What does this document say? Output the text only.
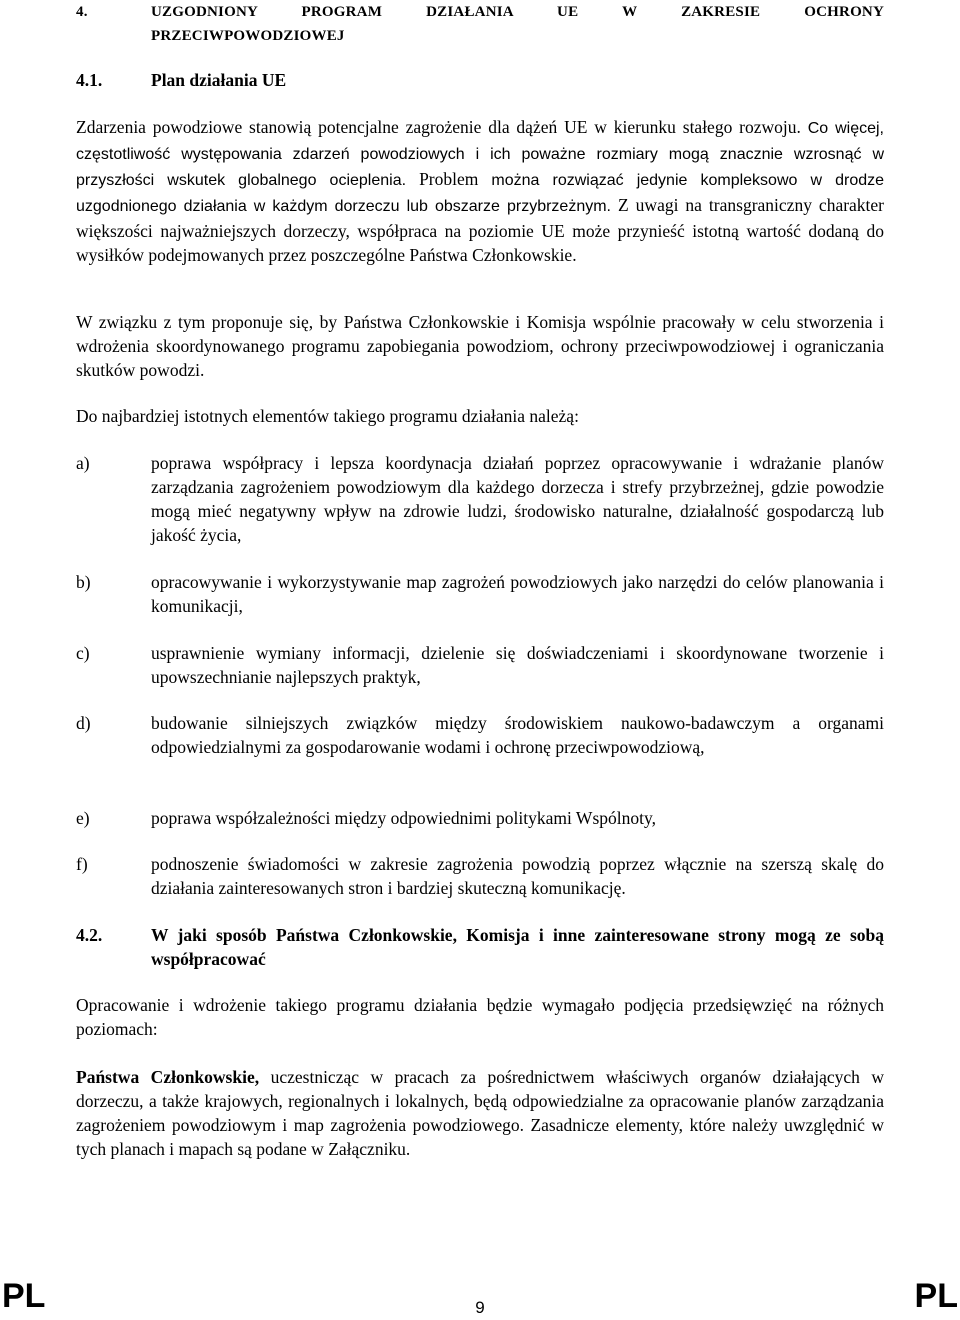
4.	UZGODNIONY PROGRAM DZIAŁANIA UE W ZAKRESIE OCHRONY
PRZECIWPOWODZIOWEJ
4.1.	Plan działania UE

Zdarzenia powodziowe stanowią potencjalne zagrożenie dla dążeń UE w kierunku stałego rozwoju. Co więcej, częstotliwość występowania zdarzeń powodziowych i ich poważne rozmiary mogą znacznie wzrosnąć w przyszłości wskutek globalnego ocieplenia. Problem można rozwiązać jedynie kompleksowo w drodze uzgodnionego działania w każdym dorzeczu lub obszarze przybrzeżnym. Z uwagi na transgraniczny charakter większości najważniejszych dorzeczy, współpraca na poziomie UE może przynieść istotną wartość dodaną do wysiłków podejmowanych przez poszczególne Państwa Członkowskie.

W związku z tym proponuje się, by Państwa Członkowskie i Komisja wspólnie pracowały w celu stworzenia i wdrożenia skoordynowanego programu zapobiegania powodziom, ochrony przeciwpowodziowej i ograniczania skutków powodzi.

Do najbardziej istotnych elementów takiego programu działania należą:

a)	poprawa współpracy i lepsza koordynacja działań poprzez opracowywanie i wdrażanie planów zarządzania zagrożeniem powodziowym dla każdego dorzecza i strefy przybrzeżnej, gdzie powodzie mogą mieć negatywny wpływ na zdrowie ludzi, środowisko naturalne, działalność gospodarczą lub jakość życia,
b)	opracowywanie i wykorzystywanie map zagrożeń powodziowych jako narzędzi do celów planowania i komunikacji,
c)	usprawnienie wymiany informacji, dzielenie się doświadczeniami i skoordynowane tworzenie i upowszechnianie najlepszych praktyk,
d)	budowanie silniejszych związków między środowiskiem naukowo-badawczym a organami odpowiedzialnymi za gospodarowanie wodami i ochronę przeciwpowodziową,
e)	poprawa współzależności między odpowiednimi politykami Wspólnoty,
f)	podnoszenie świadomości w zakresie zagrożenia powodzią poprzez włącznie na szerszą skalę do działania zainteresowanych stron i bardziej skuteczną komunikację.
4.2.	W jaki sposób Państwa Członkowskie, Komisja i inne zainteresowane strony mogą ze sobą współpracować

Opracowanie i wdrożenie takiego programu działania będzie wymagało podjęcia przedsięwzięć na różnych poziomach:

Państwa Członkowskie, uczestnicząc w pracach za pośrednictwem właściwych organów działających w dorzeczu, a także krajowych, regionalnych i lokalnych, będą odpowiedzialne za opracowanie planów zarządzania zagrożeniem powodziowym i map zagrożenia powodziowego. Zasadnicze elementy, które należy uwzględnić w tych planach i mapach są podane w Załączniku.

PL	9	PL
